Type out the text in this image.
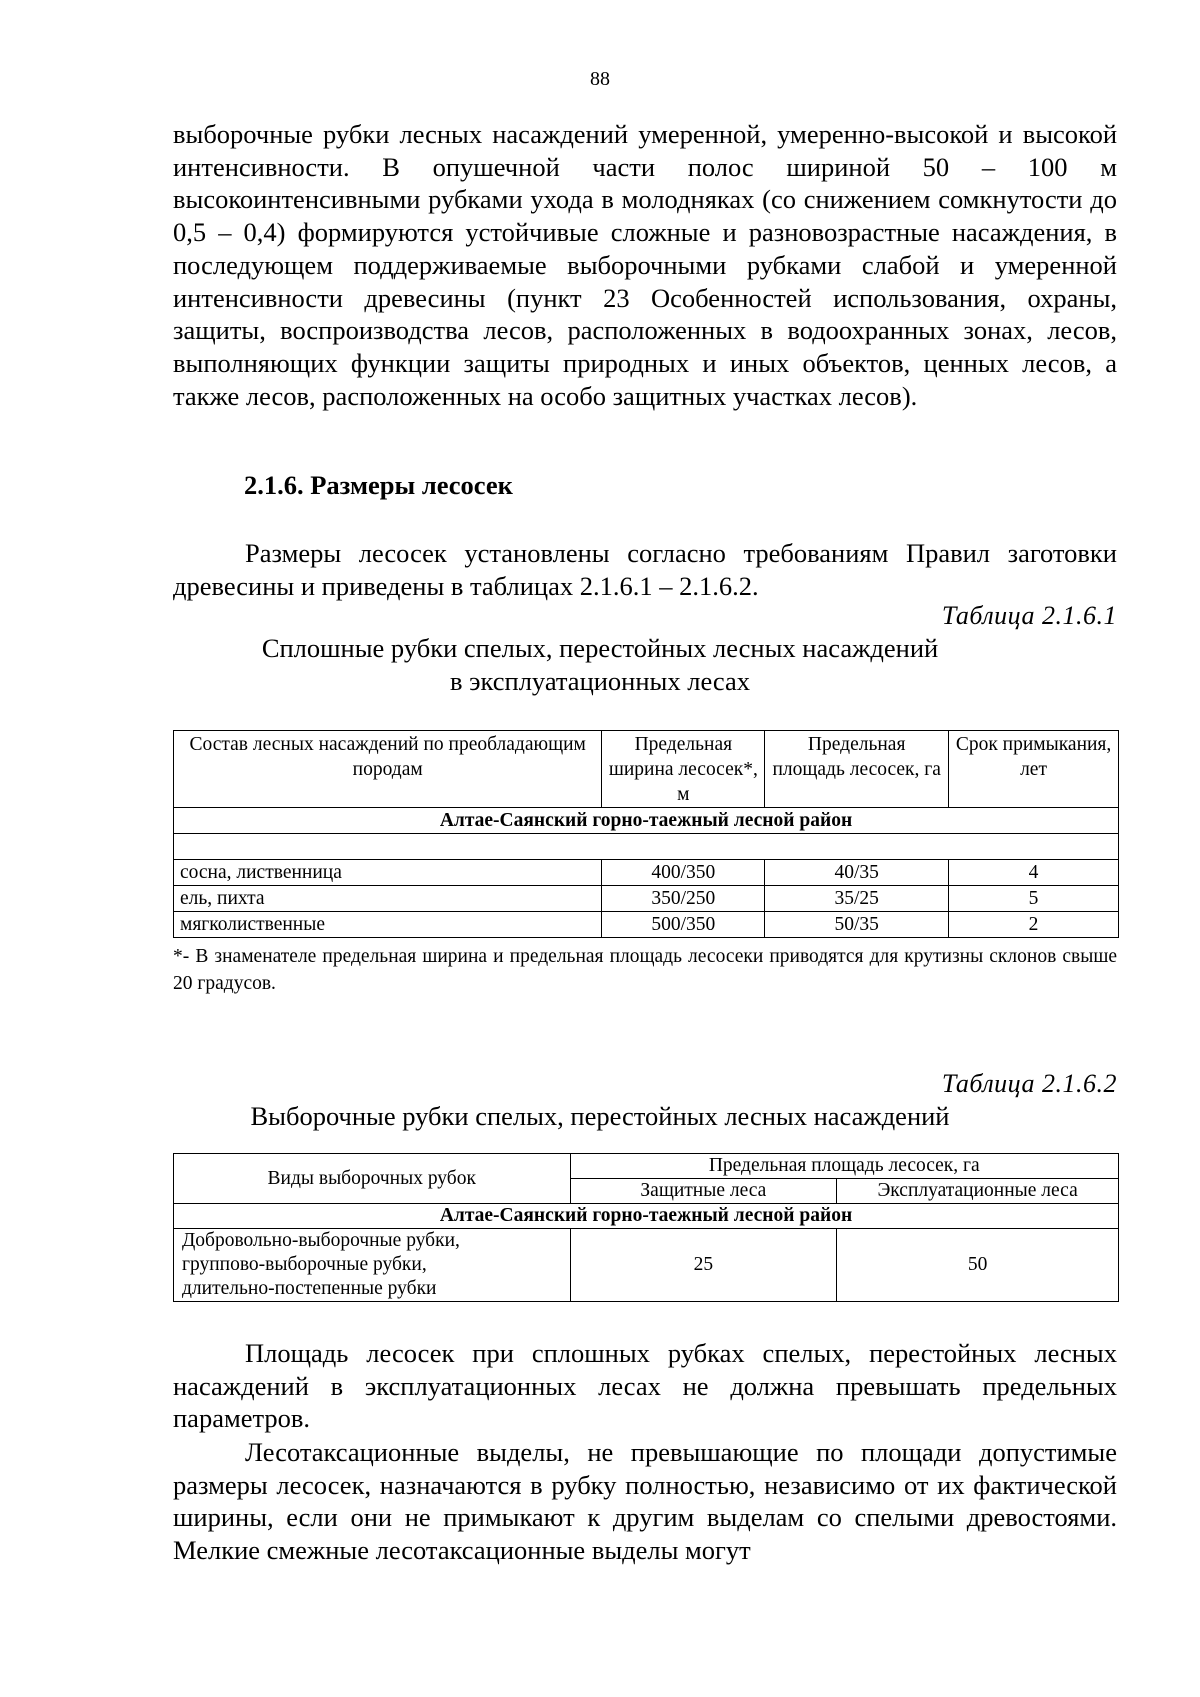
88

выборочные рубки лесных насаждений умеренной, умеренно-высокой и высокой интенсивности. В опушечной части полос шириной 50 – 100 м высокоинтенсивными рубками ухода в молодняках (со снижением сомкнутости до 0,5 – 0,4) формируются устойчивые сложные и разновозрастные насаждения, в последующем поддерживаемые выборочными рубками слабой и умеренной интенсивности древесины (пункт 23 Особенностей использования, охраны, защиты, воспроизводства лесов, расположенных в водоохранных зонах, лесов, выполняющих функции защиты природных и иных объектов, ценных лесов, а также лесов, расположенных на особо защитных участках лесов).

2.1.6. Размеры лесосек

Размеры лесосек установлены согласно требованиям Правил заготовки древесины и приведены в таблицах 2.1.6.1 – 2.1.6.2.

Таблица 2.1.6.1
Сплошные рубки спелых, перестойных лесных насаждений
в эксплуатационных лесах
Состав лесных насаждений по преобладающим породам	Предельная ширина лесосек*, м	Предельная площадь лесосек, га	Срок примыкания, лет
Алтае-Саянский горно-таежный лесной район			

сосна, лиственница	400/350	40/35	4
ель, пихта	350/250	35/25	5
мягколиственные	500/350	50/35	2

*- В знаменателе предельная ширина и предельная площадь лесосеки приводятся для крутизны склонов свыше 20 градусов.

Таблица 2.1.6.2
Выборочные рубки спелых, перестойных лесных насаждений
Виды выборочных рубок	Предельная площадь лесосек, га	
	Защитные леса	Эксплуатационные леса
Алтае-Саянский горно-таежный лесной район		

Добровольно-выборочные рубки,
группово-выборочные рубки,
длительно-постепенные рубки	25	50

Площадь лесосек при сплошных рубках спелых, перестойных лесных насаждений в эксплуатационных лесах не должна превышать предельных параметров.

Лесотаксационные выделы, не превышающие по площади допустимые размеры лесосек, назначаются в рубку полностью, независимо от их фактической ширины, если они не примыкают к другим выделам со спелыми древостоями. Мелкие смежные лесотаксационные выделы могут
